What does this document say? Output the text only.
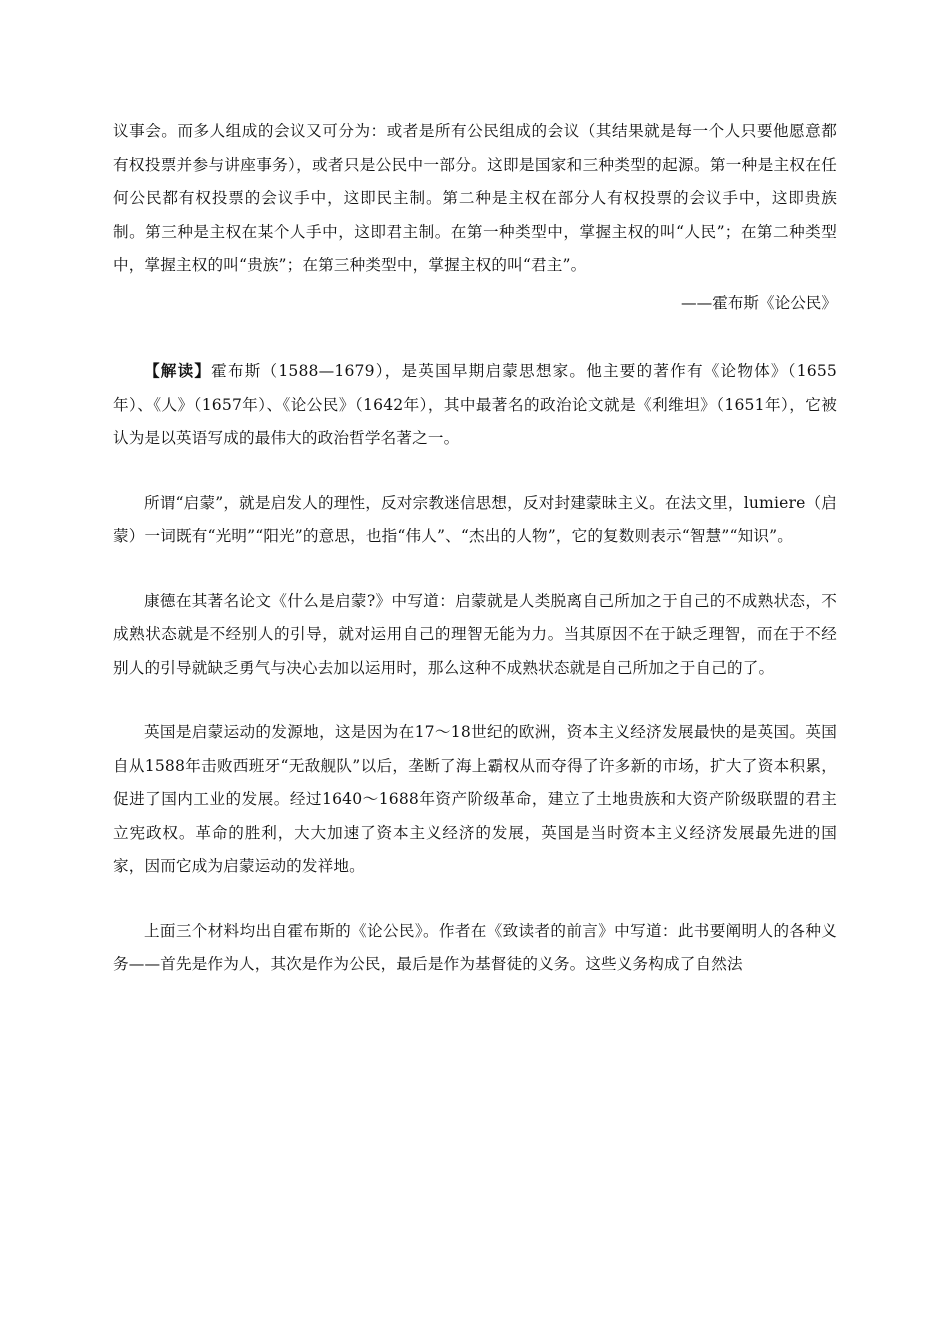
议事会。而多人组成的会议又可分为：或者是所有公民组成的会议（其结果就是每一个人只要他愿意都有权投票并参与讲座事务），或者只是公民中一部分。这即是国家和三种类型的起源。第一种是主权在任何公民都有权投票的会议手中，这即民主制。第二种是主权在部分人有权投票的会议手中，这即贵族制。第三种是主权在某个人手中，这即君主制。在第一种类型中，掌握主权的叫“人民”；在第二种类型中，掌握主权的叫“贵族”；在第三种类型中，掌握主权的叫“君主”。

——霍布斯《论公民》

【解读】霍布斯（1588—1679），是英国早期启蒙思想家。他主要的著作有《论物体》（1655年）、《人》（1657年）、《论公民》（1642年），其中最著名的政治论文就是《利维坦》（1651年），它被认为是以英语写成的最伟大的政治哲学名著之一。

所谓“启蒙”，就是启发人的理性，反对宗教迷信思想，反对封建蒙昧主义。在法文里，lumiere（启蒙）一词既有“光明”“阳光”的意思，也指“伟人”、“杰出的人物”，它的复数则表示“智慧”“知识”。

康德在其著名论文《什么是启蒙?》中写道：启蒙就是人类脱离自己所加之于自己的不成熟状态，不成熟状态就是不经别人的引导，就对运用自己的理智无能为力。当其原因不在于缺乏理智，而在于不经别人的引导就缺乏勇气与决心去加以运用时，那么这种不成熟状态就是自己所加之于自己的了。

英国是启蒙运动的发源地，这是因为在17～18世纪的欧洲，资本主义经济发展最快的是英国。英国自从1588年击败西班牙“无敌舰队”以后，垄断了海上霸权从而夺得了许多新的市场，扩大了资本积累，促进了国内工业的发展。经过1640～1688年资产阶级革命，建立了土地贵族和大资产阶级联盟的君主立宪政权。革命的胜利，大大加速了资本主义经济的发展，英国是当时资本主义经济发展最先进的国家，因而它成为启蒙运动的发祥地。

上面三个材料均出自霍布斯的《论公民》。作者在《致读者的前言》中写道：此书要阐明人的各种义务——首先是作为人，其次是作为公民，最后是作为基督徒的义务。这些义务构成了自然法
